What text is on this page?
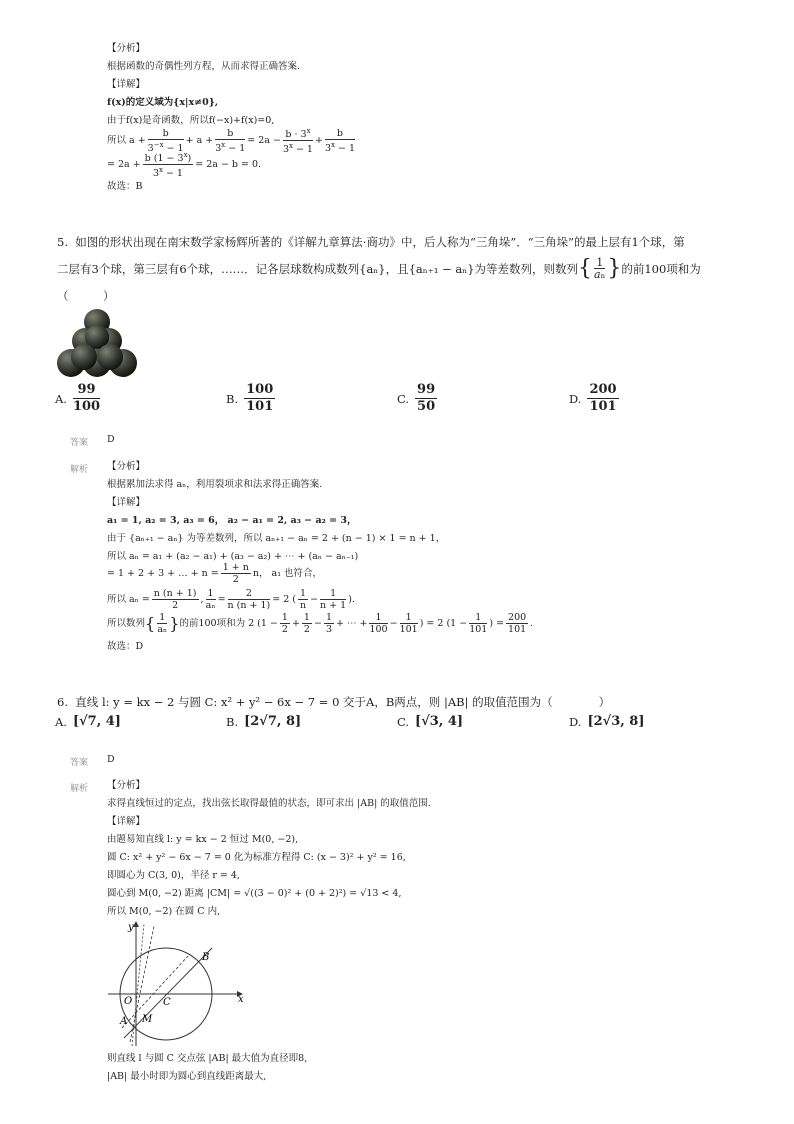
【分析】
根据函数的奇偶性列方程，从而求得正确答案.
【详解】
f(x)的定义域为{x|x≠0},
由于f(x)是奇函数，所以f(−x)+f(x)=0,
所以 $a + \frac{b}{3^{-x} - 1} + a + \frac{b}{3^x - 1} = 2a - \frac{b \cdot 3^x}{3^x - 1} + \frac{b}{3^x - 1}$
= $2a + \frac{b (1 - 3^x)}{3^x - 1} = 2a - b = 0$.
故选：B
5. 如图的形状出现在南宋数学家杨辉所著的《详解九章算法·商功》中，后人称为“三角垛”．“三角垛”的最上层有1个球，第
二层有3个球，第三层有6个球，……．记各层球数构成数列{aₙ}，且{aₙ₊₁ − aₙ}为等差数列，则数列 { $\frac{1}{\text{aₙ}}$ } 的前100项和为
（　　　）
A.
99
100
B.
100
101
C.
99
50
D.
200
101
答案 D
解析 【分析】
根据累加法求得 aₙ，利用裂项求和法求得正确答案.
【详解】
a₁ = 1, a₂ = 3, a₃ = 6， a₂ − a₁ = 2, a₃ − a₂ = 3，
由于 {aₙ₊₁ − aₙ} 为等差数列，所以 aₙ₊₁ − aₙ = 2 + (n − 1) × 1 = n + 1，
所以 aₙ = a₁ + (a₂ − a₁) + (a₃ − a₂) + ⋯ + (aₙ − aₙ₋₁)
= 1 + 2 + 3 + … + $n = \frac{1 + n}{2}$ n， a₁ 也符合，
所以 $a_n = \frac{n (n + 1)}{2}$ , $\frac{1}{\text{aₙ}} = \frac{2}{n (n + 1)} = 2$ ( $\frac{1}{n} - \frac{1}{n + 1}$ ).
所以数列 { $\frac{1}{\text{aₙ}}$ } 的前100项和为 2 ($1 - \frac{1}{2} + \frac{1}{2} - \frac{1}{3}$ + ⋯ + $\frac{1}{100} - \frac{1}{101}$ ) = 2 ($1 - \frac{1}{101}$ ) = $\frac{200}{101}$ .
故选：D
6. 直线 l: y = kx − 2 与圆 C: x² + y² − 6x − 7 = 0 交于A，B两点，则 |AB| 的取值范围为（　　　　）
A. [√7, 4]	B. [2√7, 8]	C. [√3, 4]	D. [2√3, 8]
答案 D
解析 【分析】
求得直线恒过的定点，找出弦长取得最值的状态，即可求出 |AB| 的取值范围.
【详解】
由题易知直线 l: y = kx − 2 恒过 M(0, −2),
圆 C: x² + y² − 6x − 7 = 0 化为标准方程得 C: (x − 3)² + y² = 16,
即圆心为 C(3, 0)，半径 r = 4,
圆心到 M(0, −2) 距离 |CM| = √((3 − 0)² + (0 + 2)²) = √13 < 4,
所以 M(0, −2) 在圆 C 内,
y
x
O	C
B
A M
则直线 l 与圆 C 交点弦 |AB| 最大值为直径即8,
|AB| 最小时即为圆心到直线距离最大,
